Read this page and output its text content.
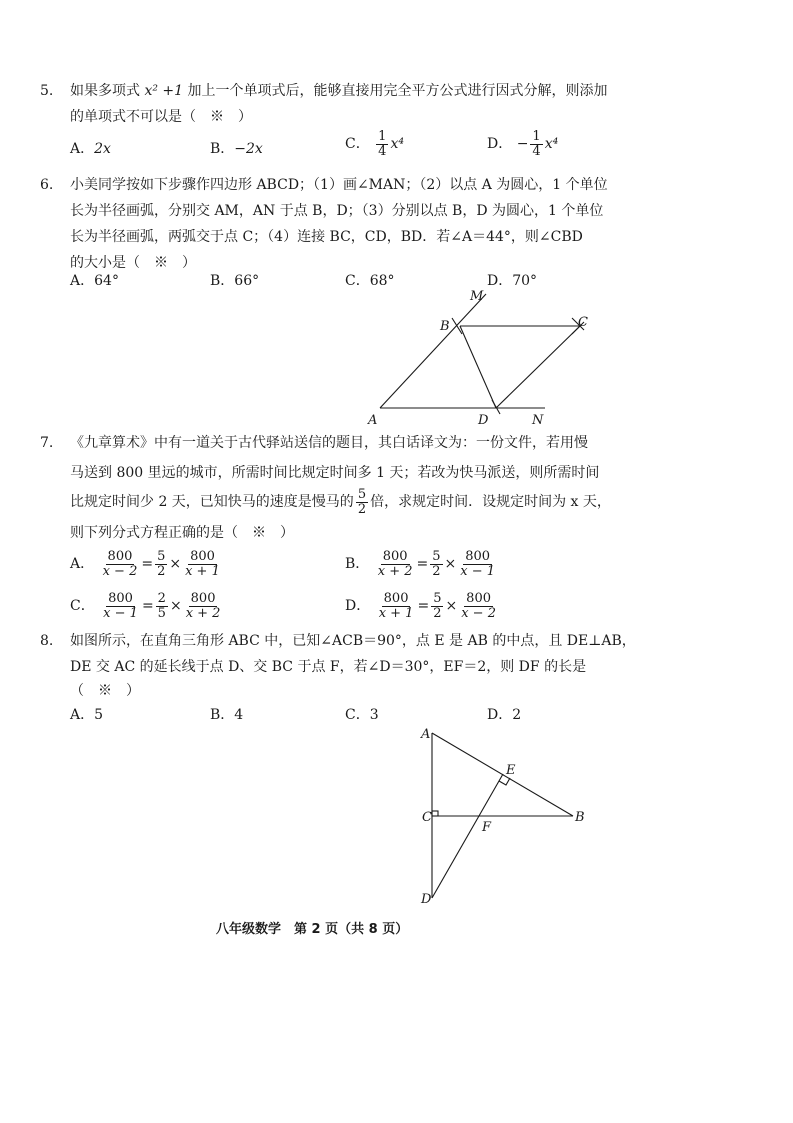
5. 如果多项式 x² +1 加上一个单项式后，能够直接用完全平方公式进行因式分解，则添加
的单项式不可以是（　※　）
A．2x	B．−2x	C． $\frac{1}{4} x^4$	D． − $\frac{1}{4} x^4$
6. 小美同学按如下步骤作四边形 ABCD；（1）画∠MAN；（2）以点 A 为圆心，1 个单位
长为半径画弧，分别交 AM，AN 于点 B，D；（3）分别以点 B，D 为圆心，1 个单位
长为半径画弧，两弧交于点 C；（4）连接 BC，CD，BD．若∠A＝44°，则∠CBD
的大小是（　※　）
A．64°	B．66°	C．68°	D．70°
M
B	C
A	D	N
7. 《九章算术》中有一道关于古代驿站送信的题目，其白话译文为：一份文件，若用慢
马送到 800 里远的城市，所需时间比规定时间多 1 天；若改为快马派送，则所需时间
比规定时间少 2 天，已知快马的速度是慢马的 $\frac{5}{2}$ 倍，求规定时间．设规定时间为 x 天，
则下列分式方程正确的是（　※　）
A． $\frac{800}{x - 2} = \frac{5}{2} \times \frac{800}{x + 1}$	B． $\frac{800}{x + 2} = \frac{5}{2} \times \frac{800}{x - 1}$
C． $\frac{800}{x - 1} = \frac{2}{5} \times \frac{800}{x + 2}$	D． $\frac{800}{x + 1} = \frac{5}{2} \times \frac{800}{x - 2}$
8. 如图所示，在直角三角形 ABC 中，已知∠ACB＝90°，点 E 是 AB 的中点，且 DE⊥AB，
DE 交 AC 的延长线于点 D、交 BC 于点 F，若∠D＝30°，EF＝2，则 DF 的长是
（　※　）
A．5	B．4	C．3	D．2
A
C	B
E
F
D
八年级数学　第 2 页（共 8 页）
